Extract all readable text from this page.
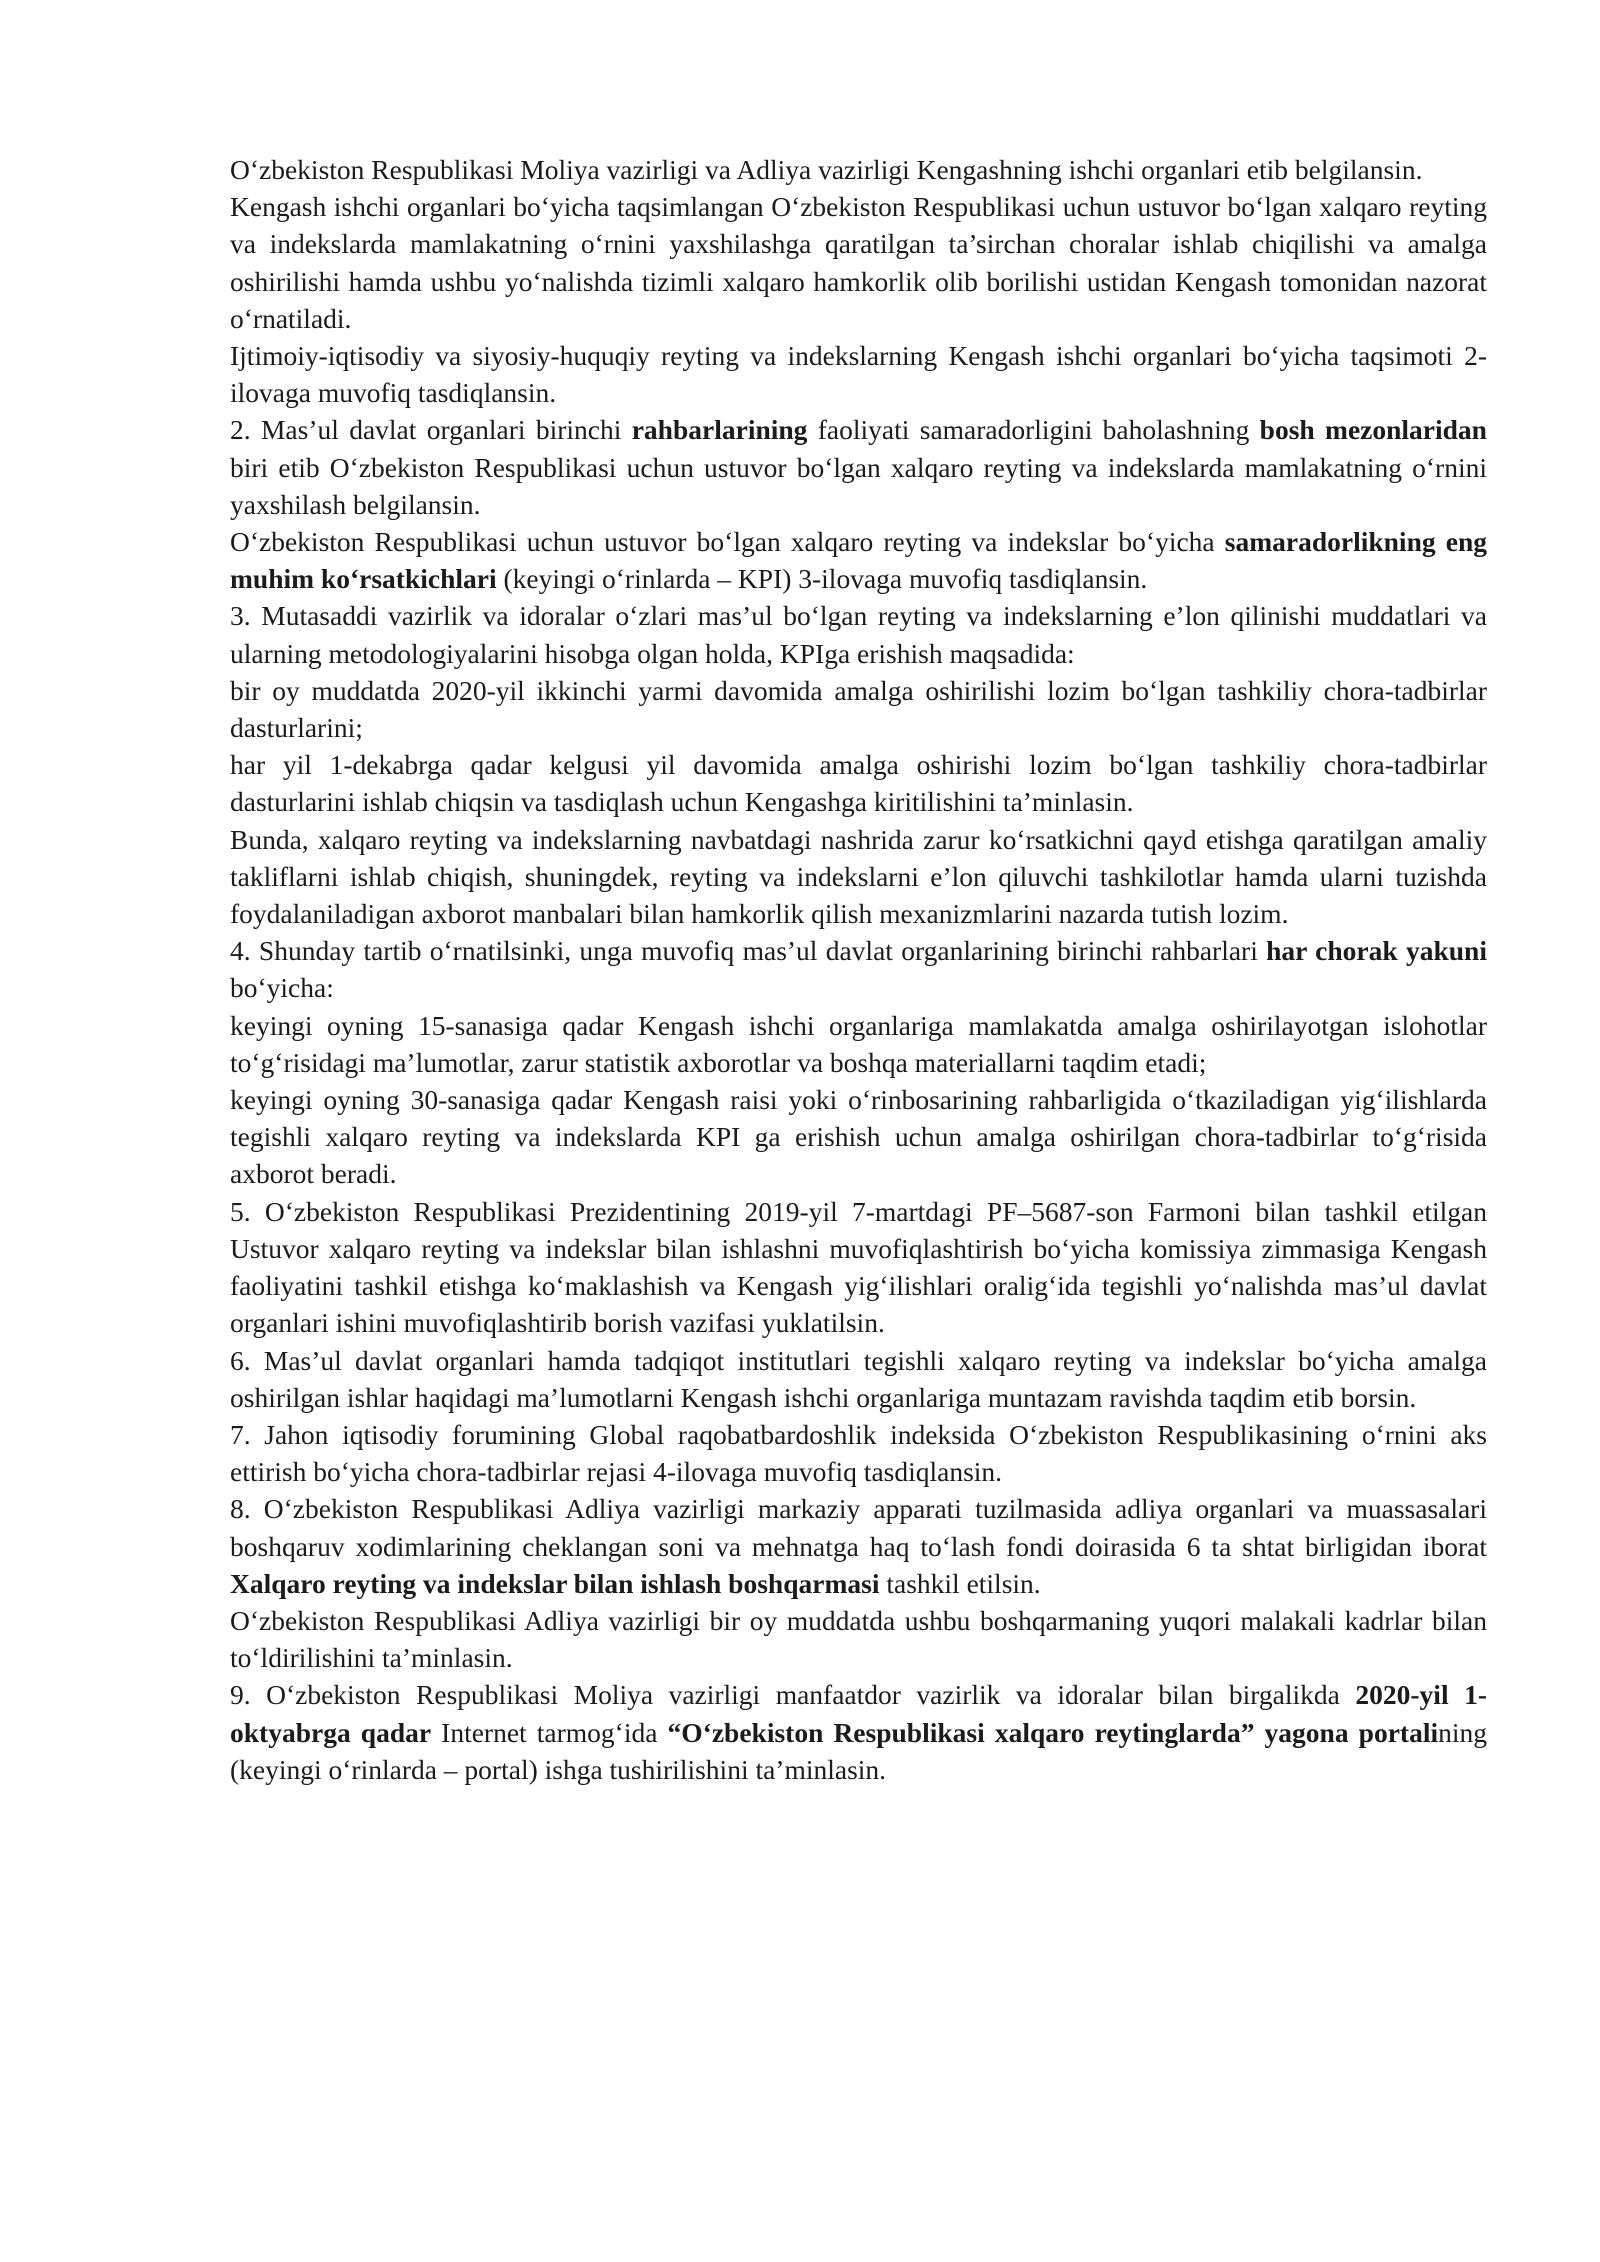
O‘zbekiston Respublikasi Moliya vazirligi va Adliya vazirligi Kengashning ishchi organlari etib belgilansin.

Kengash ishchi organlari bo‘yicha taqsimlangan O‘zbekiston Respublikasi uchun ustuvor bo‘lgan xalqaro reyting va indekslarda mamlakatning o‘rnini yaxshilashga qaratilgan ta’sirchan choralar ishlab chiqilishi va amalga oshirilishi hamda ushbu yo‘nalishda tizimli xalqaro hamkorlik olib borilishi ustidan Kengash tomonidan nazorat o‘rnatiladi.

Ijtimoiy-iqtisodiy va siyosiy-huquqiy reyting va indekslarning Kengash ishchi organlari bo‘yicha taqsimoti 2-ilovaga muvofiq tasdiqlansin.

2. Mas’ul davlat organlari birinchi rahbarlarining faoliyati samaradorligini baholashning bosh mezonlaridan biri etib O‘zbekiston Respublikasi uchun ustuvor bo‘lgan xalqaro reyting va indekslarda mamlakatning o‘rnini yaxshilash belgilansin.

O‘zbekiston Respublikasi uchun ustuvor bo‘lgan xalqaro reyting va indekslar bo‘yicha samaradorlikning eng muhim ko‘rsatkichlari (keyingi o‘rinlarda – KPI) 3-ilovaga muvofiq tasdiqlansin.

3. Mutasaddi vazirlik va idoralar o‘zlari mas’ul bo‘lgan reyting va indekslarning e’lon qilinishi muddatlari va ularning metodologiyalarini hisobga olgan holda, KPIga erishish maqsadida:

bir oy muddatda 2020-yil ikkinchi yarmi davomida amalga oshirilishi lozim bo‘lgan tashkiliy chora-tadbirlar dasturlarini;

har yil 1-dekabrga qadar kelgusi yil davomida amalga oshirishi lozim bo‘lgan tashkiliy chora-tadbirlar dasturlarini ishlab chiqsin va tasdiqlash uchun Kengashga kiritilishini ta’minlasin.

Bunda, xalqaro reyting va indekslarning navbatdagi nashrida zarur ko‘rsatkichni qayd etishga qaratilgan amaliy takliflarni ishlab chiqish, shuningdek, reyting va indekslarni e’lon qiluvchi tashkilotlar hamda ularni tuzishda foydalaniladigan axborot manbalari bilan hamkorlik qilish mexanizmlarini nazarda tutish lozim.

4. Shunday tartib o‘rnatilsinki, unga muvofiq mas’ul davlat organlarining birinchi rahbarlari har chorak yakuni bo‘yicha:

keyingi oyning 15-sanasiga qadar Kengash ishchi organlariga mamlakatda amalga oshirilayotgan islohotlar to‘g‘risidagi ma’lumotlar, zarur statistik axborotlar va boshqa materiallarni taqdim etadi;

keyingi oyning 30-sanasiga qadar Kengash raisi yoki o‘rinbosarining rahbarligida o‘tkaziladigan yig‘ilishlarda tegishli xalqaro reyting va indekslarda KPI ga erishish uchun amalga oshirilgan chora-tadbirlar to‘g‘risida axborot beradi.

5. O‘zbekiston Respublikasi Prezidentining 2019-yil 7-martdagi PF–5687-son Farmoni bilan tashkil etilgan Ustuvor xalqaro reyting va indekslar bilan ishlashni muvofiqlashtirish bo‘yicha komissiya zimmasiga Kengash faoliyatini tashkil etishga ko‘maklashish va Kengash yig‘ilishlari oralig‘ida tegishli yo‘nalishda mas’ul davlat organlari ishini muvofiqlashtirib borish vazifasi yuklatilsin.

6. Mas’ul davlat organlari hamda tadqiqot institutlari tegishli xalqaro reyting va indekslar bo‘yicha amalga oshirilgan ishlar haqidagi ma’lumotlarni Kengash ishchi organlariga muntazam ravishda taqdim etib borsin.

7. Jahon iqtisodiy forumining Global raqobatbardoshlik indeksida O‘zbekiston Respublikasining o‘rnini aks ettirish bo‘yicha chora-tadbirlar rejasi 4-ilovaga muvofiq tasdiqlansin.

8. O‘zbekiston Respublikasi Adliya vazirligi markaziy apparati tuzilmasida adliya organlari va muassasalari boshqaruv xodimlarining cheklangan soni va mehnatga haq to‘lash fondi doirasida 6 ta shtat birligidan iborat Xalqaro reyting va indekslar bilan ishlash boshqarmasi tashkil etilsin.

O‘zbekiston Respublikasi Adliya vazirligi bir oy muddatda ushbu boshqarmaning yuqori malakali kadrlar bilan to‘ldirilishini ta’minlasin.

9. O‘zbekiston Respublikasi Moliya vazirligi manfaatdor vazirlik va idoralar bilan birgalikda 2020-yil 1-oktyabrga qadar Internet tarmog‘ida “O‘zbekiston Respublikasi xalqaro reytinglarda” yagona portalining (keyingi o‘rinlarda – portal) ishga tushirilishini ta’minlasin.
